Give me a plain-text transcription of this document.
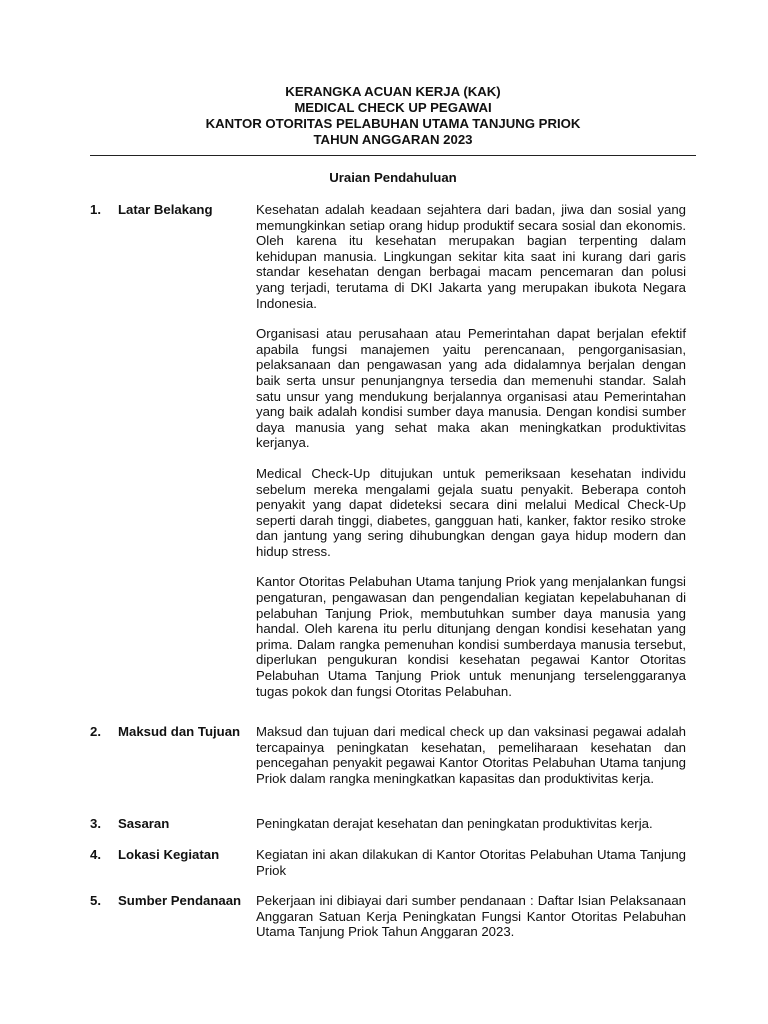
KERANGKA ACUAN KERJA (KAK)
MEDICAL CHECK UP PEGAWAI
KANTOR OTORITAS PELABUHAN UTAMA TANJUNG PRIOK
TAHUN ANGGARAN 2023
Uraian Pendahuluan
1.	Latar Belakang	Kesehatan adalah keadaan sejahtera dari badan, jiwa dan sosial yang memungkinkan setiap orang hidup produktif secara sosial dan ekonomis. Oleh karena itu kesehatan merupakan bagian terpenting dalam kehidupan manusia. Lingkungan sekitar kita saat ini kurang dari garis standar kesehatan dengan berbagai macam pencemaran dan polusi yang terjadi, terutama di DKI Jakarta yang merupakan ibukota Negara Indonesia.

Organisasi atau perusahaan atau Pemerintahan dapat berjalan efektif apabila fungsi manajemen yaitu perencanaan, pengorganisasian, pelaksanaan dan pengawasan yang ada didalamnya berjalan dengan baik serta unsur penunjangnya tersedia dan memenuhi standar. Salah satu unsur yang mendukung berjalannya organisasi atau Pemerintahan yang baik adalah kondisi sumber daya manusia. Dengan kondisi sumber daya manusia yang sehat maka akan meningkatkan produktivitas kerjanya.

Medical Check-Up ditujukan untuk pemeriksaan kesehatan individu sebelum mereka mengalami gejala suatu penyakit. Beberapa contoh penyakit yang dapat dideteksi secara dini melalui Medical Check-Up seperti darah tinggi, diabetes, gangguan hati, kanker, faktor resiko stroke dan jantung yang sering dihubungkan dengan gaya hidup modern dan hidup stress.

Kantor Otoritas Pelabuhan Utama tanjung Priok yang menjalankan fungsi pengaturan, pengawasan dan pengendalian kegiatan kepelabuhanan di pelabuhan Tanjung Priok, membutuhkan sumber daya manusia yang handal. Oleh karena itu perlu ditunjang dengan kondisi kesehatan yang prima. Dalam rangka pemenuhan kondisi sumberdaya manusia tersebut, diperlukan pengukuran kondisi kesehatan pegawai Kantor Otoritas Pelabuhan Utama Tanjung Priok untuk menunjang terselenggaranya tugas pokok dan fungsi Otoritas Pelabuhan.

2.	Maksud dan Tujuan	Maksud dan tujuan dari medical check up dan vaksinasi pegawai adalah tercapainya peningkatan kesehatan, pemeliharaan kesehatan dan pencegahan penyakit pegawai Kantor Otoritas Pelabuhan Utama tanjung Priok dalam rangka meningkatkan kapasitas dan produktivitas kerja.

3.	Sasaran	Peningkatan derajat kesehatan dan peningkatan produktivitas kerja.

4.	Lokasi Kegiatan	Kegiatan ini akan dilakukan di Kantor Otoritas Pelabuhan Utama Tanjung Priok

5.	Sumber Pendanaan	Pekerjaan ini dibiayai dari sumber pendanaan : Daftar Isian Pelaksanaan Anggaran Satuan Kerja Peningkatan Fungsi Kantor Otoritas Pelabuhan Utama Tanjung Priok Tahun Anggaran 2023.
